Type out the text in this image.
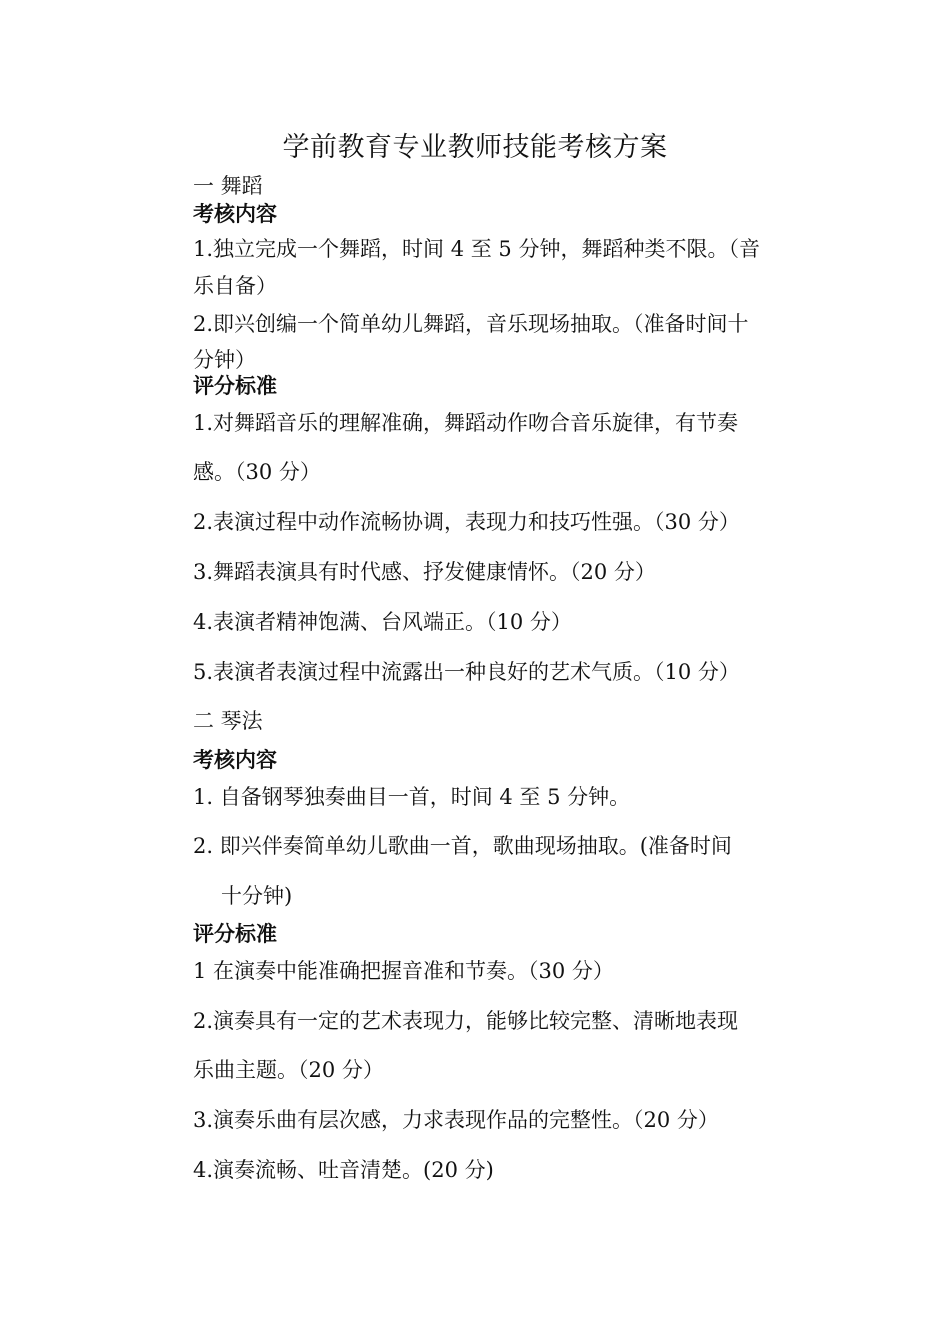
学前教育专业教师技能考核方案
一 舞蹈
考核内容
1.独立完成一个舞蹈，时间 4 至 5 分钟，舞蹈种类不限。（音
乐自备）
2.即兴创编一个简单幼儿舞蹈，音乐现场抽取。（准备时间十
分钟）
评分标准
1.对舞蹈音乐的理解准确，舞蹈动作吻合音乐旋律，有节奏
感。（30 分）
2.表演过程中动作流畅协调，表现力和技巧性强。（30 分）
3.舞蹈表演具有时代感、抒发健康情怀。（20 分）
4.表演者精神饱满、台风端正。（10 分）
5.表演者表演过程中流露出一种良好的艺术气质。（10 分）
二 琴法
考核内容
1. 自备钢琴独奏曲目一首，时间 4 至 5 分钟。
2. 即兴伴奏简单幼儿歌曲一首，歌曲现场抽取。(准备时间
十分钟)
评分标准
1 在演奏中能准确把握音准和节奏。（30 分）
2.演奏具有一定的艺术表现力，能够比较完整、清晰地表现
乐曲主题。（20 分）
3.演奏乐曲有层次感，力求表现作品的完整性。（20 分）
4.演奏流畅、吐音清楚。(20 分)
